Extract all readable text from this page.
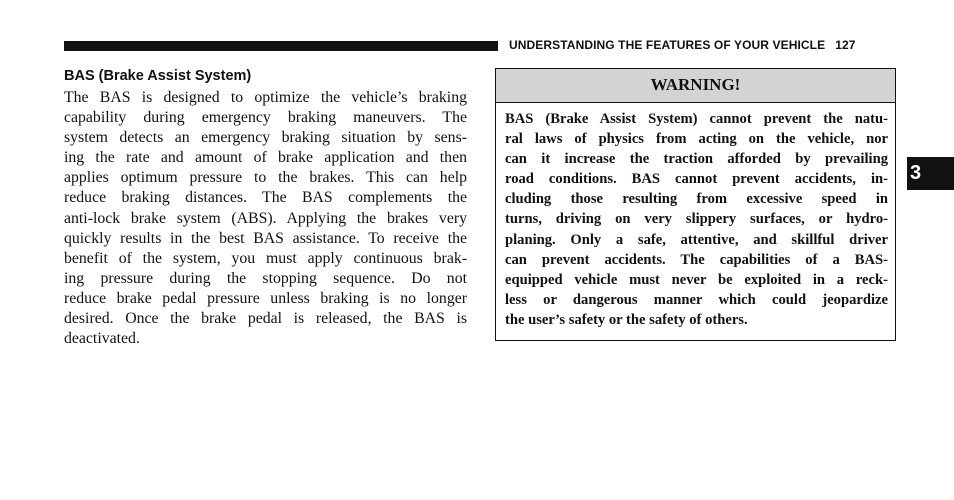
UNDERSTANDING THE FEATURES OF YOUR VEHICLE 127
BAS (Brake Assist System)
The BAS is designed to optimize the vehicle’s braking
capability during emergency braking maneuvers. The
system detects an emergency braking situation by sens-
ing the rate and amount of brake application and then
applies optimum pressure to the brakes. This can help
reduce braking distances. The BAS complements the
anti-lock brake system (ABS). Applying the brakes very
quickly results in the best BAS assistance. To receive the
benefit of the system, you must apply continuous brak-
ing pressure during the stopping sequence. Do not
reduce brake pedal pressure unless braking is no longer
desired. Once the brake pedal is released, the BAS is
deactivated.
WARNING!
BAS (Brake Assist System) cannot prevent the natu-
ral laws of physics from acting on the vehicle, nor
can it increase the traction afforded by prevailing
road conditions. BAS cannot prevent accidents, in-
cluding those resulting from excessive speed in
turns, driving on very slippery surfaces, or hydro-
planing. Only a safe, attentive, and skillful driver
can prevent accidents. The capabilities of a BAS-
equipped vehicle must never be exploited in a reck-
less or dangerous manner which could jeopardize
the user’s safety or the safety of others.
3
